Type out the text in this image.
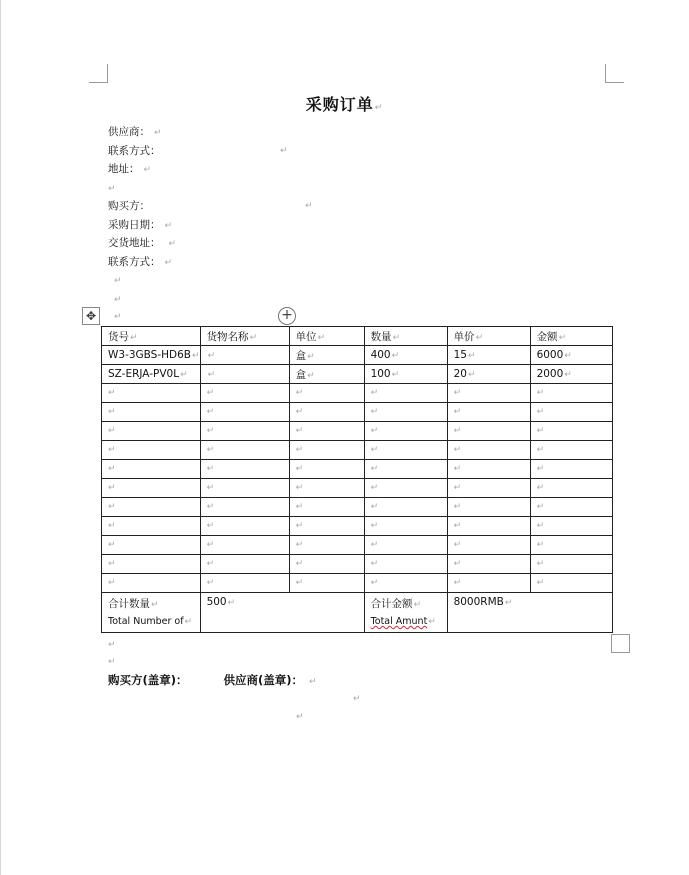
采购订单↵
供应商： ↵
联系方式：	↵
地址： ↵
↵
购买方：	↵
采购日期： ↵
交货地址： ↵
联系方式： ↵
↵
↵
↵
✥	+
货号↵	货物名称↵	单位↵	数量↵	单价↵	金额↵
W3-3GBS-HD6B↵	↵	盒↵	400↵	15↵	6000↵
SZ-ERJA-PV0L↵	↵	盒↵	100↵	20↵	2000↵
↵	↵	↵	↵	↵	↵
↵	↵	↵	↵	↵	↵
↵	↵	↵	↵	↵	↵
↵	↵	↵	↵	↵	↵
↵	↵	↵	↵	↵	↵
↵	↵	↵	↵	↵	↵
↵	↵	↵	↵	↵	↵
↵	↵	↵	↵	↵	↵
↵	↵	↵	↵	↵	↵
↵	↵	↵	↵	↵	↵
↵	↵	↵	↵	↵	↵
合计数量↵
Total Number of↵	500↵		合计金额↵
Total Amunt↵	8000RMB↵	
↵
↵
购买方(盖章)：	供应商(盖章)： ↵
↵
↵
